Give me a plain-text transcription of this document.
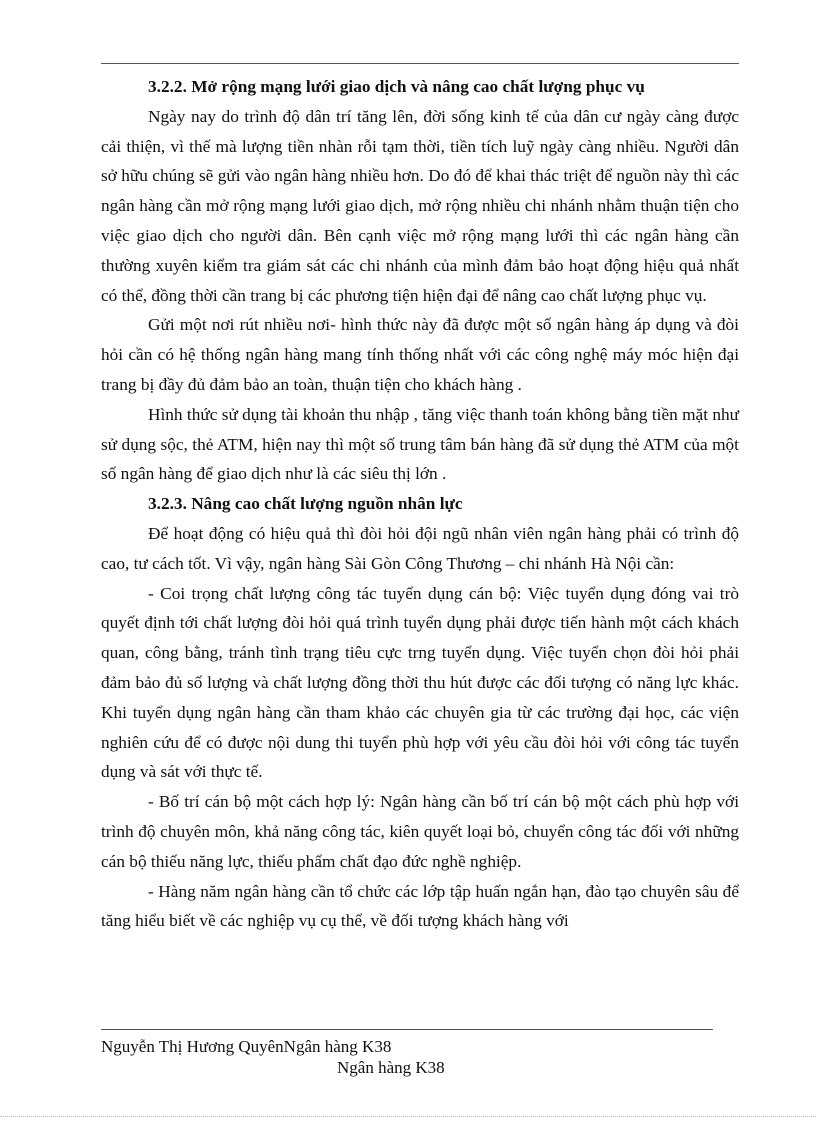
3.2.2. Mở rộng mạng lưới giao dịch và nâng cao chất lượng phục vụ

Ngày nay do trình độ dân trí tăng lên, đời sống kinh tế của dân cư ngày càng được cải thiện, vì thế mà lượng tiền nhàn rỗi tạm thời, tiền tích luỹ ngày càng nhiều. Người dân sở hữu chúng sẽ gửi vào ngân hàng nhiều hơn. Do đó để khai thác triệt để nguồn này thì các ngân hàng cần mở rộng mạng lưới giao dịch, mở rộng nhiều chi nhánh nhằm thuận tiện cho việc giao dịch cho người dân. Bên cạnh việc mở rộng mạng lưới thì các ngân hàng cần thường xuyên kiểm tra giám sát các chi nhánh của mình đảm bảo hoạt động hiệu quả nhất có thể, đồng thời cần trang bị các phương tiện hiện đại để nâng cao chất lượng phục vụ.

Gửi một nơi rút nhiều nơi- hình thức này đã được một số ngân hàng áp dụng và đòi hỏi cần có hệ thống ngân hàng mang tính thống nhất với các công nghệ máy móc hiện đại trang bị đầy đủ đảm bảo an toàn, thuận tiện cho khách hàng .

Hình thức sử dụng tài khoản thu nhập , tăng việc thanh toán không bằng tiền mặt như sử dụng sộc, thẻ ATM, hiện nay thì một số trung tâm bán hàng đã sử dụng thẻ ATM của một số ngân hàng để giao dịch như là các siêu thị lớn .

3.2.3. Nâng cao chất lượng nguồn nhân lực

Để hoạt động có hiệu quả thì đòi hỏi đội ngũ nhân viên ngân hàng phải có trình độ cao, tư cách tốt. Vì vậy, ngân hàng Sài Gòn Công Thương – chi nhánh Hà Nội cần:

- Coi trọng chất lượng công tác tuyển dụng cán bộ: Việc tuyển dụng đóng vai trò quyết định tới chất lượng đòi hỏi quá trình tuyển dụng phải được tiến hành một cách khách quan, công bằng, tránh tình trạng tiêu cực trng tuyển dụng. Việc tuyển chọn đòi hỏi phải đảm bảo đủ số lượng và chất lượng đồng thời thu hút được các đối tượng có năng lực khác. Khi tuyển dụng ngân hàng cần tham khảo các chuyên gia từ các trường đại học, các viện nghiên cứu để có được nội dung thi tuyển phù hợp với yêu cầu đòi hỏi với công tác tuyển dụng và sát với thực tế.

- Bố trí cán bộ một cách hợp lý: Ngân hàng cần bố trí cán bộ một cách phù hợp với trình độ chuyên môn, khả năng công tác, kiên quyết loại bỏ, chuyển công tác đối với những cán bộ thiếu năng lực, thiếu phẩm chất đạo đức nghề nghiệp.

- Hàng năm ngân hàng cần tổ chức các lớp tập huấn ngắn hạn, đào tạo chuyên sâu để tăng hiểu biết về các nghiệp vụ cụ thể, về đối tượng khách hàng với

Nguyễn Thị Hương QuyênNgân hàng K38
Ngân hàng K38
